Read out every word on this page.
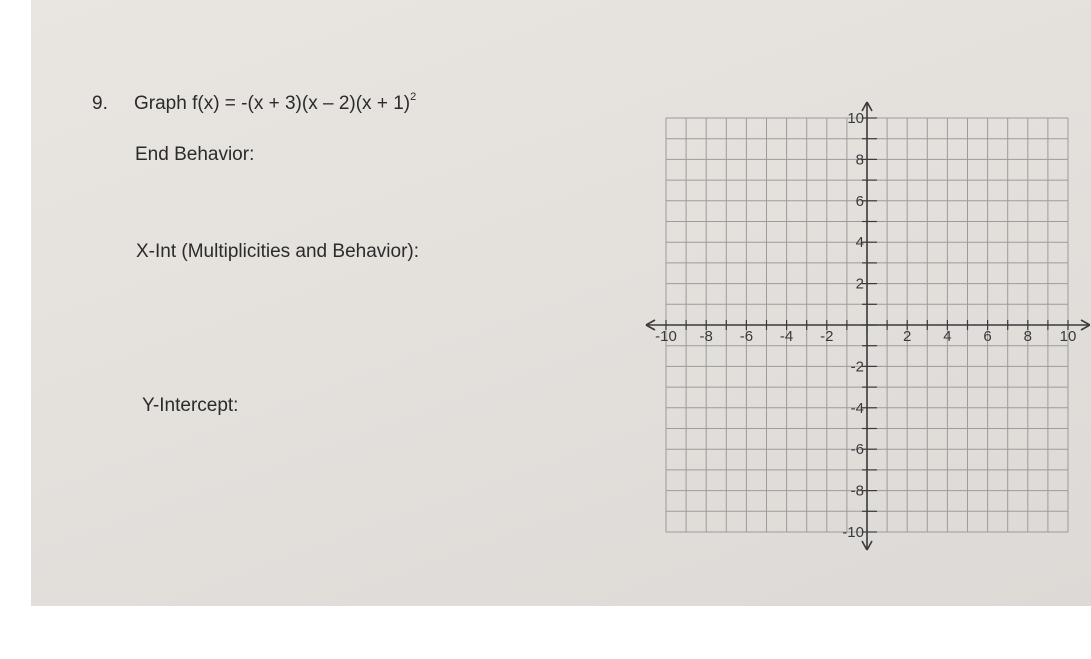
9. Graph $f(x) = -(x + 3)(x - 2)(x + 1)^2$
End Behavior:
X-Int (Multiplicities and Behavior):
Y-Intercept:
-10 -8 -6 -4 -2	2 4 6 8 10
10
8
6
4
2
-2
-4
-6
-8
-10
